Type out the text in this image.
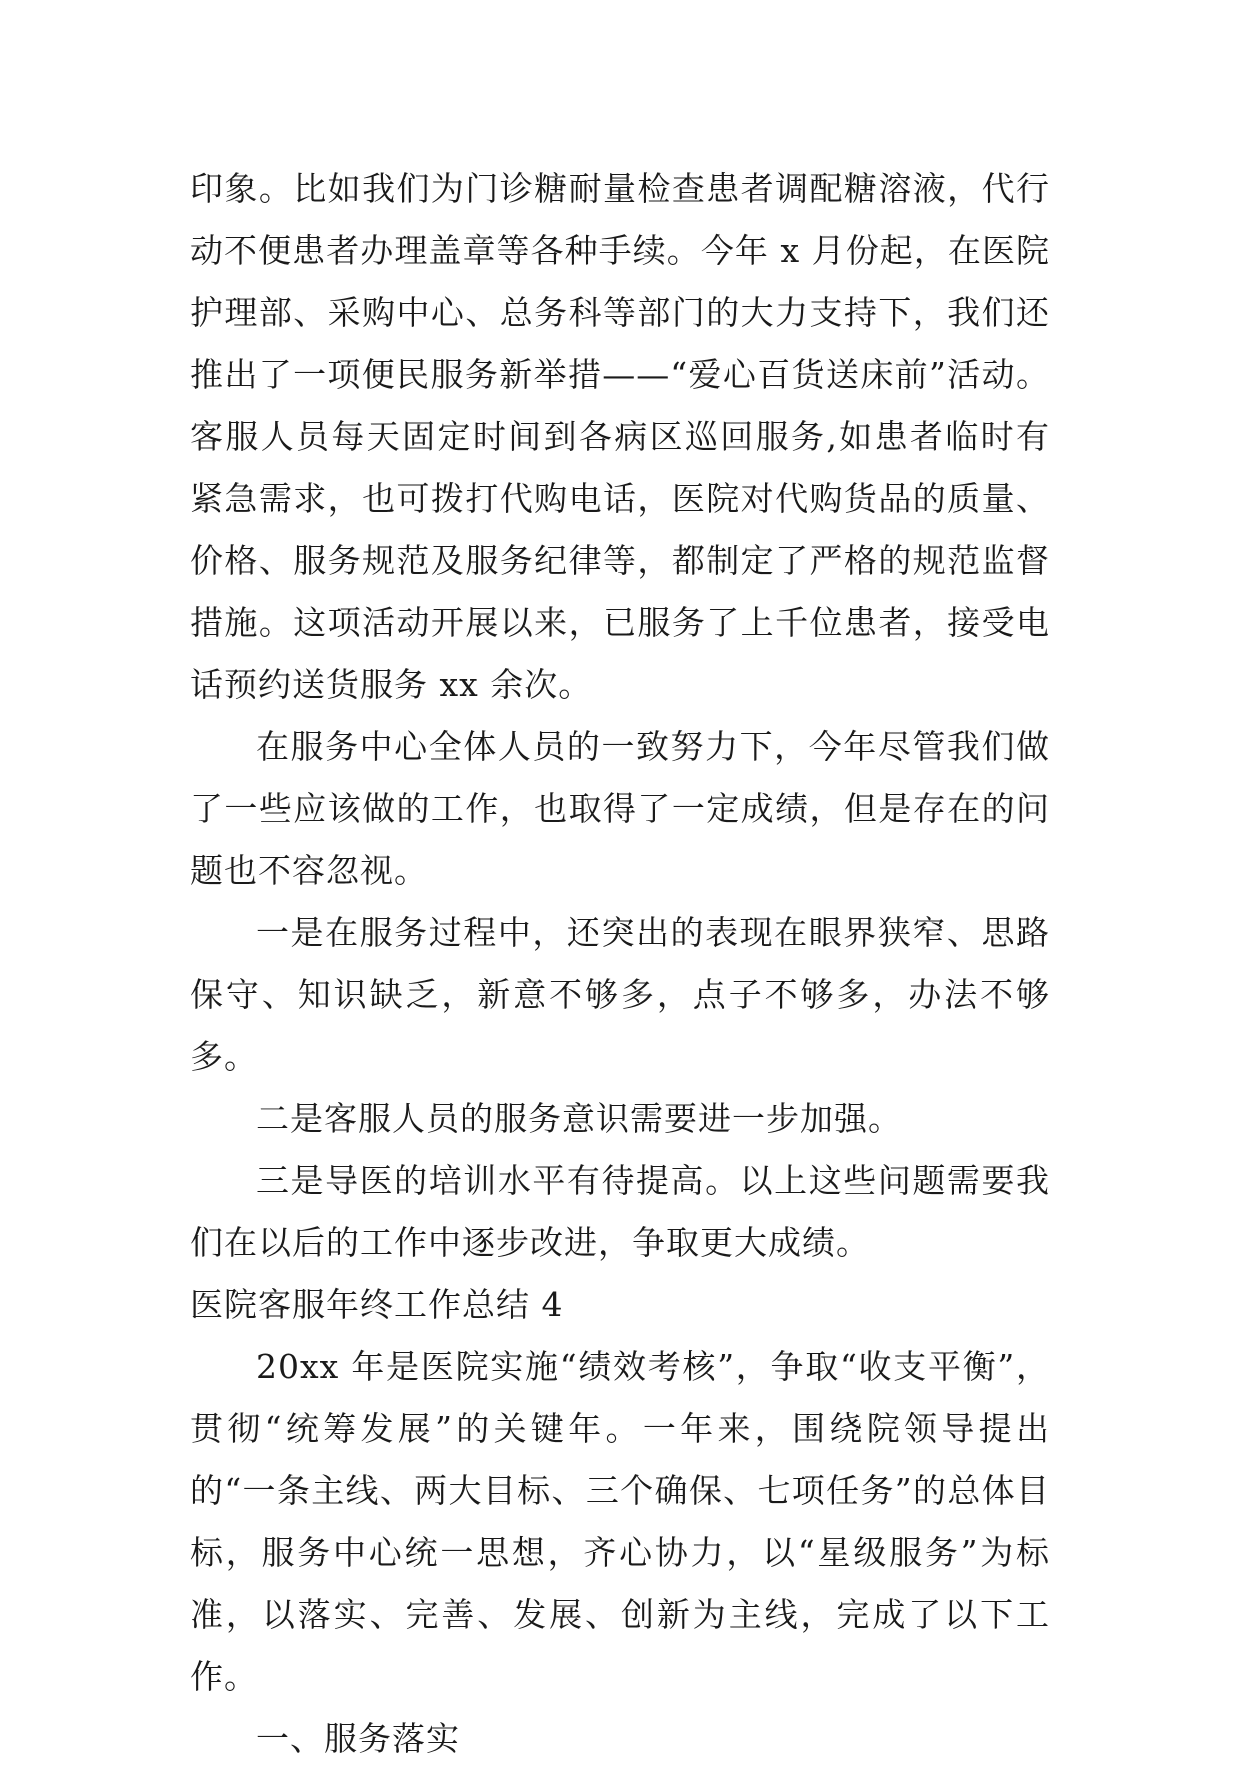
印象。比如我们为门诊糖耐量检查患者调配糖溶液，代行动不便患者办理盖章等各种手续。今年 x 月份起，在医院护理部、采购中心、总务科等部门的大力支持下，我们还推出了一项便民服务新举措——“爱心百货送床前”活动。客服人员每天固定时间到各病区巡回服务,如患者临时有紧急需求，也可拨打代购电话，医院对代购货品的质量、价格、服务规范及服务纪律等，都制定了严格的规范监督措施。这项活动开展以来，已服务了上千位患者，接受电话预约送货服务 xx 余次。

在服务中心全体人员的一致努力下，今年尽管我们做了一些应该做的工作，也取得了一定成绩，但是存在的问题也不容忽视。

一是在服务过程中，还突出的表现在眼界狭窄、思路保守、知识缺乏，新意不够多，点子不够多，办法不够多。

二是客服人员的服务意识需要进一步加强。

三是导医的培训水平有待提高。以上这些问题需要我们在以后的工作中逐步改进，争取更大成绩。

医院客服年终工作总结 4

20xx 年是医院实施“绩效考核”，争取“收支平衡”，贯彻“统筹发展”的关键年。一年来，围绕院领导提出的“一条主线、两大目标、三个确保、七项任务”的总体目标，服务中心统一思想，齐心协力，以“星级服务”为标准，以落实、完善、发展、创新为主线，完成了以下工作。

一、服务落实
